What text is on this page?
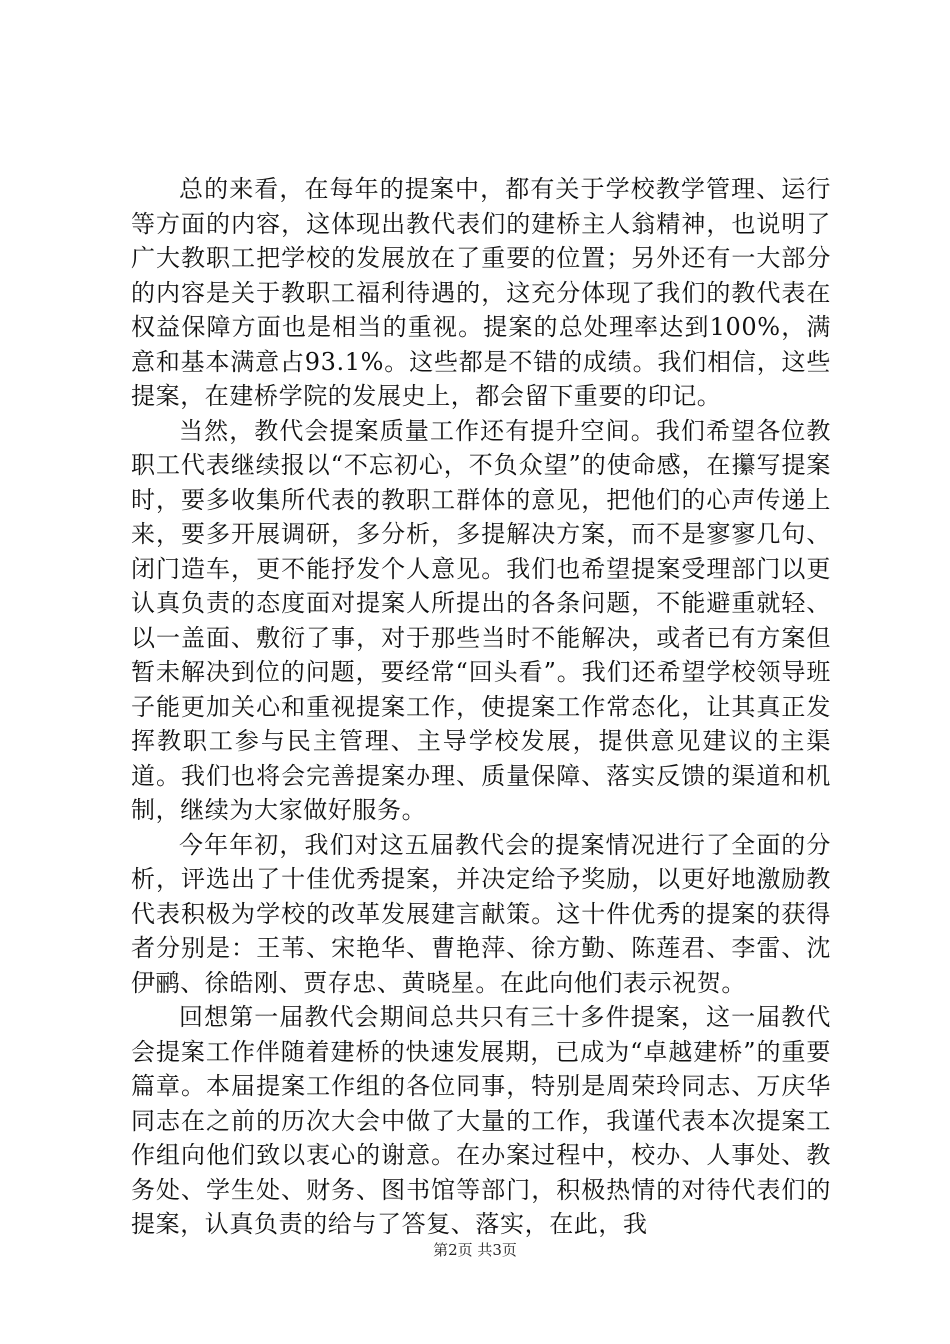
总的来看，在每年的提案中，都有关于学校教学管理、运行等方面的内容，这体现出教代表们的建桥主人翁精神，也说明了广大教职工把学校的发展放在了重要的位置；另外还有一大部分的内容是关于教职工福利待遇的，这充分体现了我们的教代表在权益保障方面也是相当的重视。提案的总处理率达到100%，满意和基本满意占93.1%。这些都是不错的成绩。我们相信，这些提案，在建桥学院的发展史上，都会留下重要的印记。

当然，教代会提案质量工作还有提升空间。我们希望各位教职工代表继续报以“不忘初心，不负众望”的使命感，在攥写提案时，要多收集所代表的教职工群体的意见，把他们的心声传递上来，要多开展调研，多分析，多提解决方案，而不是寥寥几句、闭门造车，更不能抒发个人意见。我们也希望提案受理部门以更认真负责的态度面对提案人所提出的各条问题，不能避重就轻、以一盖面、敷衍了事，对于那些当时不能解决，或者已有方案但暂未解决到位的问题，要经常“回头看”。我们还希望学校领导班子能更加关心和重视提案工作，使提案工作常态化，让其真正发挥教职工参与民主管理、主导学校发展，提供意见建议的主渠道。我们也将会完善提案办理、质量保障、落实反馈的渠道和机制，继续为大家做好服务。

今年年初，我们对这五届教代会的提案情况进行了全面的分析，评选出了十佳优秀提案，并决定给予奖励，以更好地激励教代表积极为学校的改革发展建言献策。这十件优秀的提案的获得者分别是：王苇、宋艳华、曹艳萍、徐方勤、陈莲君、李雷、沈伊鹂、徐皓刚、贾存忠、黄晓星。在此向他们表示祝贺。

回想第一届教代会期间总共只有三十多件提案，这一届教代会提案工作伴随着建桥的快速发展期，已成为“卓越建桥”的重要篇章。本届提案工作组的各位同事，特别是周荣玲同志、万庆华同志在之前的历次大会中做了大量的工作，我谨代表本次提案工作组向他们致以衷心的谢意。在办案过程中，校办、人事处、教务处、学生处、财务、图书馆等部门，积极热情的对待代表们的提案，认真负责的给与了答复、落实，在此，我

第2页 共3页
